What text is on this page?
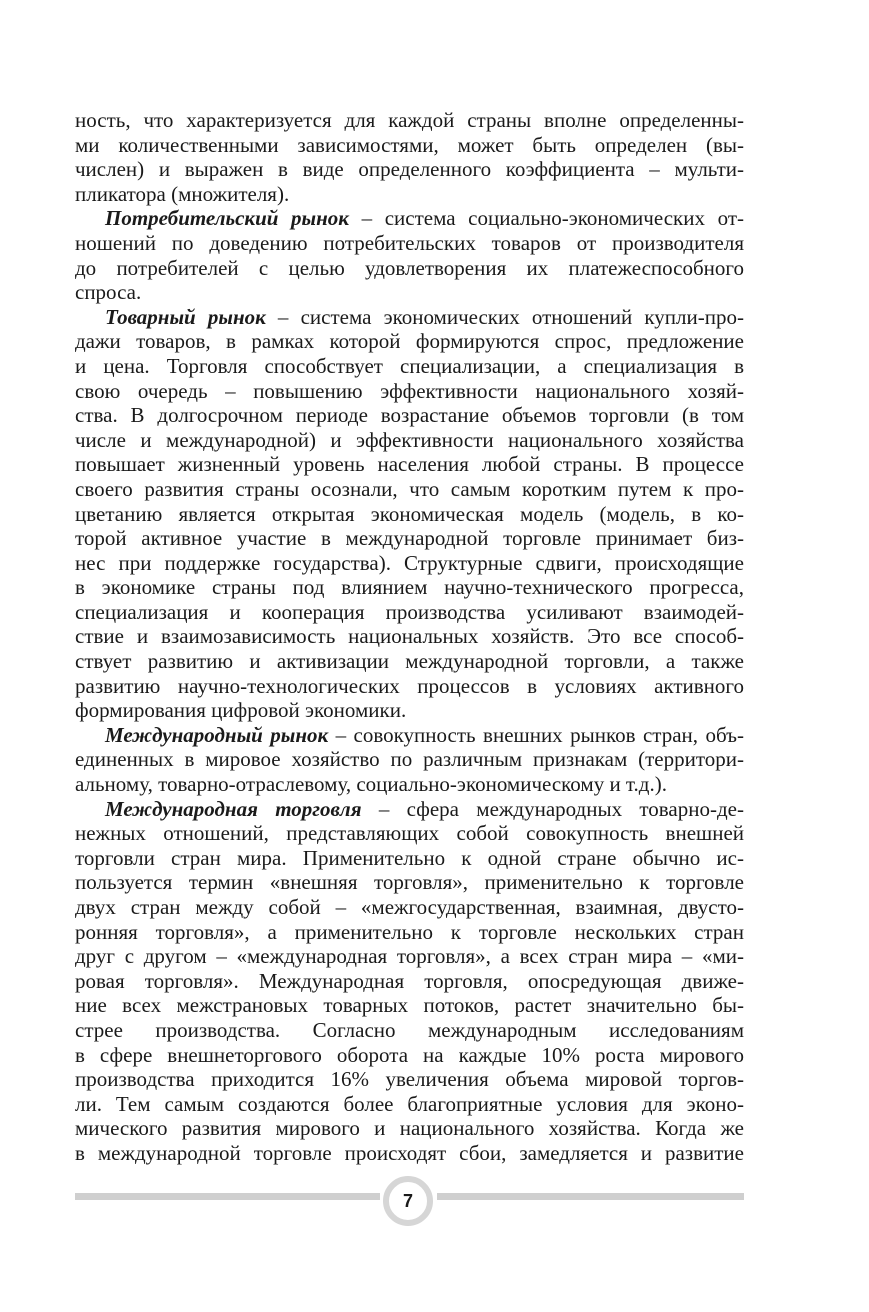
ность, что характеризуется для каждой страны вполне определенны-
ми количественными зависимостями, может быть определен (вы-
числен) и выражен в виде определенного коэффициента – мульти-
пликатора (множителя).
Потребительский рынок – система социально-экономических от-
ношений по доведению потребительских товаров от производителя
до потребителей с целью удовлетворения их платежеспособного
спроса.
Товарный рынок – система экономических отношений купли-про-
дажи товаров, в рамках которой формируются спрос, предложение
и цена. Торговля способствует специализации, а специализация в
свою очередь – повышению эффективности национального хозяй-
ства. В долгосрочном периоде возрастание объемов торговли (в том
числе и международной) и эффективности национального хозяйства
повышает жизненный уровень населения любой страны. В процессе
своего развития страны осознали, что самым коротким путем к про-
цветанию является открытая экономическая модель (модель, в ко-
торой активное участие в международной торговле принимает биз-
нес при поддержке государства). Структурные сдвиги, происходящие
в экономике страны под влиянием научно-технического прогресса,
специализация и кооперация производства усиливают взаимодей-
ствие и взаимозависимость национальных хозяйств. Это все способ-
ствует развитию и активизации международной торговли, а также
развитию научно-технологических процессов в условиях активного
формирования цифровой экономики.
Международный рынок – совокупность внешних рынков стран, объ-
единенных в мировое хозяйство по различным признакам (территори-
альному, товарно-отраслевому, социально-экономическому и т.д.).
Международная торговля – сфера международных товарно-де-
нежных отношений, представляющих собой совокупность внешней
торговли стран мира. Применительно к одной стране обычно ис-
пользуется термин «внешняя торговля», применительно к торговле
двух стран между собой – «межгосударственная, взаимная, двусто-
ронняя торговля», а применительно к торговле нескольких стран
друг с другом – «международная торговля», а всех стран мира – «ми-
ровая торговля». Международная торговля, опосредующая движе-
ние всех межстрановых товарных потоков, растет значительно бы-
стрее производства. Согласно международным исследованиям
в сфере внешнеторгового оборота на каждые 10% роста мирового
производства приходится 16% увеличения объема мировой торгов-
ли. Тем самым создаются более благоприятные условия для эконо-
мического развития мирового и национального хозяйства. Когда же
в международной торговле происходят сбои, замедляется и развитие
7
